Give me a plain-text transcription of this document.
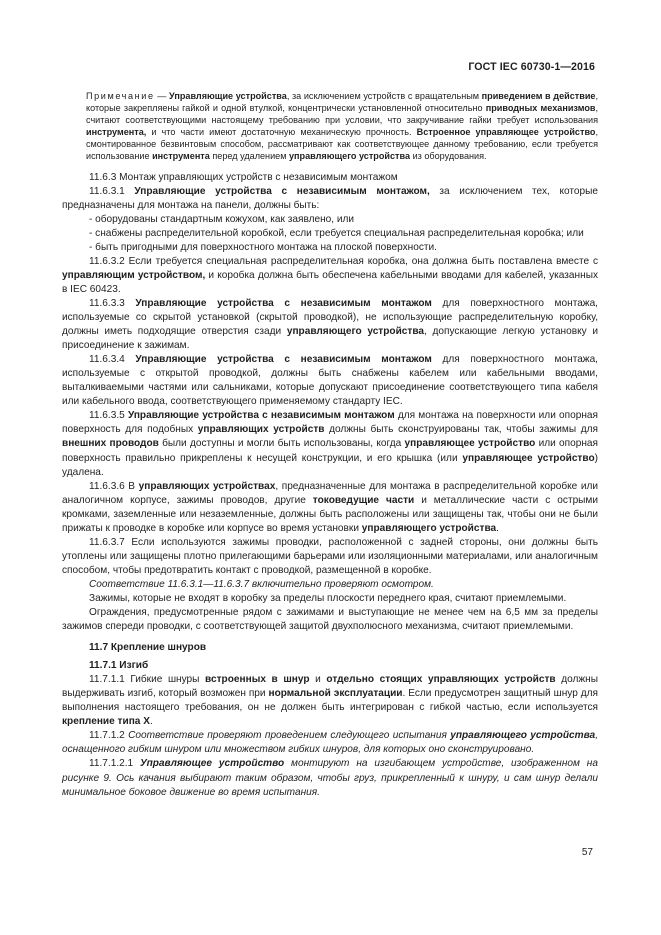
ГОСТ IEC 60730-1—2016
Примечание — Управляющие устройства, за исключением устройств с вращательным приведением в действие, которые закрепляены гайкой и одной втулкой, концентрически установленной относительно приводных механизмов, считают соответствующими настоящему требованию при условии, что закручивание гайки требует использования инструмента, и что части имеют достаточную механическую прочность. Встроенное управляющее устройство, смонтированное безвинтовым способом, рассматривают как соответствующее данному требованию, если требуется использование инструмента перед удалением управляющего устройства из оборудования.

11.6.3 Монтаж управляющих устройств с независимым монтажом

11.6.3.1 Управляющие устройства с независимым монтажом, за исключением тех, которые предназначены для монтажа на панели, должны быть:

- оборудованы стандартным кожухом, как заявлено, или

- снабжены распределительной коробкой, если требуется специальная распределительная коробка; или

- быть пригодными для поверхностного монтажа на плоской поверхности.

11.6.3.2 Если требуется специальная распределительная коробка, она должна быть поставлена вместе с управляющим устройством, и коробка должна быть обеспечена кабельными вводами для кабелей, указанных в IEC 60423.

11.6.3.3 Управляющие устройства с независимым монтажом для поверхностного монтажа, используемые со скрытой установкой (скрытой проводкой), не использующие распределительную коробку, должны иметь подходящие отверстия сзади управляющего устройства, допускающие легкую установку и присоединение к зажимам.

11.6.3.4 Управляющие устройства с независимым монтажом для поверхностного монтажа, используемые с открытой проводкой, должны быть снабжены кабелем или кабельными вводами, выталкиваемыми частями или сальниками, которые допускают присоединение соответствующего типа кабеля или кабельного ввода, соответствующего применяемому стандарту IEC.

11.6.3.5 Управляющие устройства с независимым монтажом для монтажа на поверхности или опорная поверхность для подобных управляющих устройств должны быть сконструированы так, чтобы зажимы для внешних проводов были доступны и могли быть использованы, когда управляющее устройство или опорная поверхность правильно прикреплены к несущей конструкции, и его крышка (или управляющее устройство) удалена.

11.6.3.6 В управляющих устройствах, предназначенные для монтажа в распределительной коробке или аналогичном корпусе, зажимы проводов, другие токоведущие части и металлические части с острыми кромками, заземленные или незаземленные, должны быть расположены или защищены так, чтобы они не были прижаты к проводке в коробке или корпусе во время установки управляющего устройства.

11.6.3.7 Если используются зажимы проводки, расположенной с задней стороны, они должны быть утоплены или защищены плотно прилегающими барьерами или изоляционными материалами, или аналогичным способом, чтобы предотвратить контакт с проводкой, размещенной в коробке.

Соответствие 11.6.3.1—11.6.3.7 включительно проверяют осмотром.

Зажимы, которые не входят в коробку за пределы плоскости переднего края, считают приемлемыми.

Ограждения, предусмотренные рядом с зажимами и выступающие не менее чем на 6,5 мм за пределы зажимов спереди проводки, с соответствующей защитой двухполюсного механизма, считают приемлемыми.

11.7 Крепление шнуров

11.7.1 Изгиб

11.7.1.1 Гибкие шнуры встроенных в шнур и отдельно стоящих управляющих устройств должны выдерживать изгиб, который возможен при нормальной эксплуатации. Если предусмотрен защитный шнур для выполнения настоящего требования, он не должен быть интегрирован с гибкой частью, если используется крепление типа X.

11.7.1.2 Соответствие проверяют проведением следующего испытания управляющего устройства, оснащенного гибким шнуром или множеством гибких шнуров, для которых оно сконструировано.

11.7.1.2.1 Управляющее устройство монтируют на изгибающем устройстве, изображенном на рисунке 9. Ось качания выбирают таким образом, чтобы груз, прикрепленный к шнуру, и сам шнур делали минимальное боковое движение во время испытания.

57
